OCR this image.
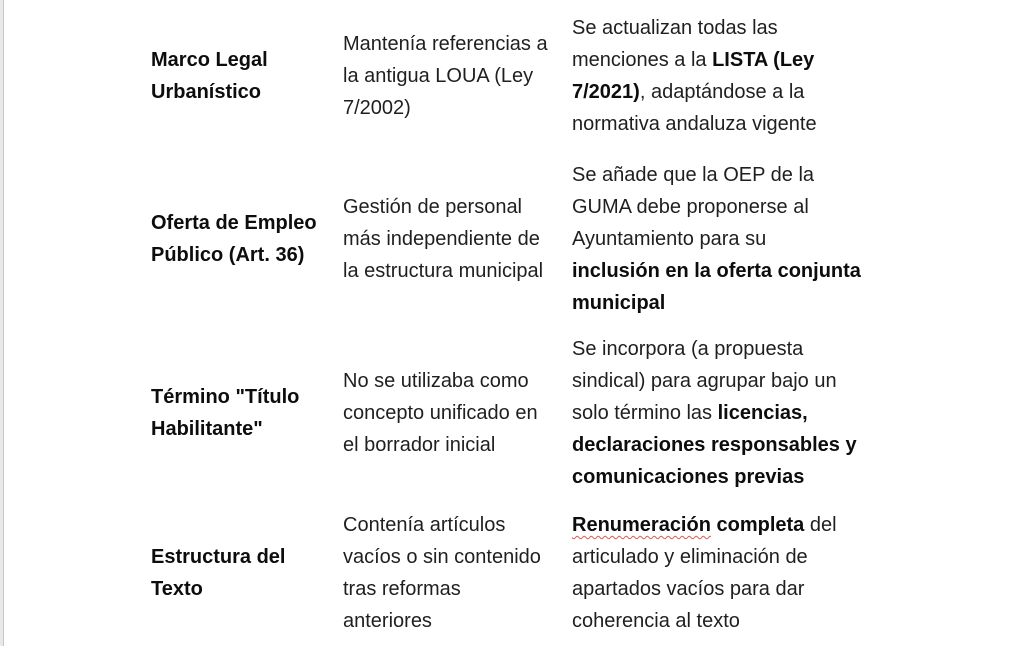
Marco Legal
Urbanístico

Mantenía referencias a
la antigua LOUA (Ley
7/2002)

Se actualizan todas las
menciones a la LISTA (Ley
7/2021), adaptándose a la
normativa andaluza vigente

Oferta de Empleo
Público (Art. 36)

Gestión de personal
más independiente de
la estructura municipal

Se añade que la OEP de la
GUMA debe proponerse al
Ayuntamiento para su
inclusión en la oferta conjunta
municipal

Término "Título
Habilitante"

No se utilizaba como
concepto unificado en
el borrador inicial

Se incorpora (a propuesta
sindical) para agrupar bajo un
solo término las licencias,
declaraciones responsables y
comunicaciones previas

Estructura del
Texto

Contenía artículos
vacíos o sin contenido
tras reformas
anteriores

Renumeración completa del
articulado y eliminación de
apartados vacíos para dar
coherencia al texto
